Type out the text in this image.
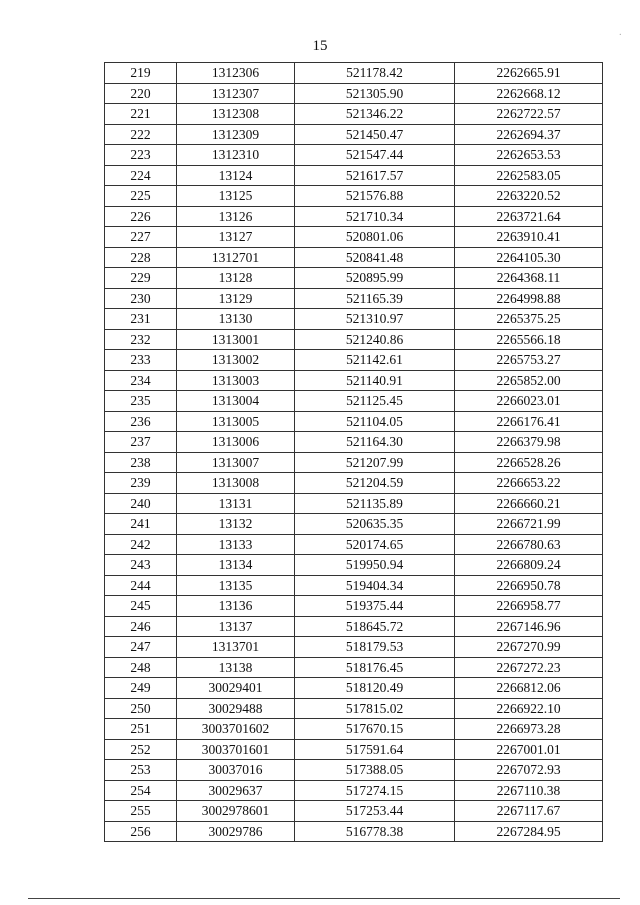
15
·
219	1312306	521178.42	2262665.91
220	1312307	521305.90	2262668.12
221	1312308	521346.22	2262722.57
222	1312309	521450.47	2262694.37
223	1312310	521547.44	2262653.53
224	13124	521617.57	2262583.05
225	13125	521576.88	2263220.52
226	13126	521710.34	2263721.64
227	13127	520801.06	2263910.41
228	1312701	520841.48	2264105.30
229	13128	520895.99	2264368.11
230	13129	521165.39	2264998.88
231	13130	521310.97	2265375.25
232	1313001	521240.86	2265566.18
233	1313002	521142.61	2265753.27
234	1313003	521140.91	2265852.00
235	1313004	521125.45	2266023.01
236	1313005	521104.05	2266176.41
237	1313006	521164.30	2266379.98
238	1313007	521207.99	2266528.26
239	1313008	521204.59	2266653.22
240	13131	521135.89	2266660.21
241	13132	520635.35	2266721.99
242	13133	520174.65	2266780.63
243	13134	519950.94	2266809.24
244	13135	519404.34	2266950.78
245	13136	519375.44	2266958.77
246	13137	518645.72	2267146.96
247	1313701	518179.53	2267270.99
248	13138	518176.45	2267272.23
249	30029401	518120.49	2266812.06
250	30029488	517815.02	2266922.10
251	3003701602	517670.15	2266973.28
252	3003701601	517591.64	2267001.01
253	30037016	517388.05	2267072.93
254	30029637	517274.15	2267110.38
255	3002978601	517253.44	2267117.67
256	30029786	516778.38	2267284.95
